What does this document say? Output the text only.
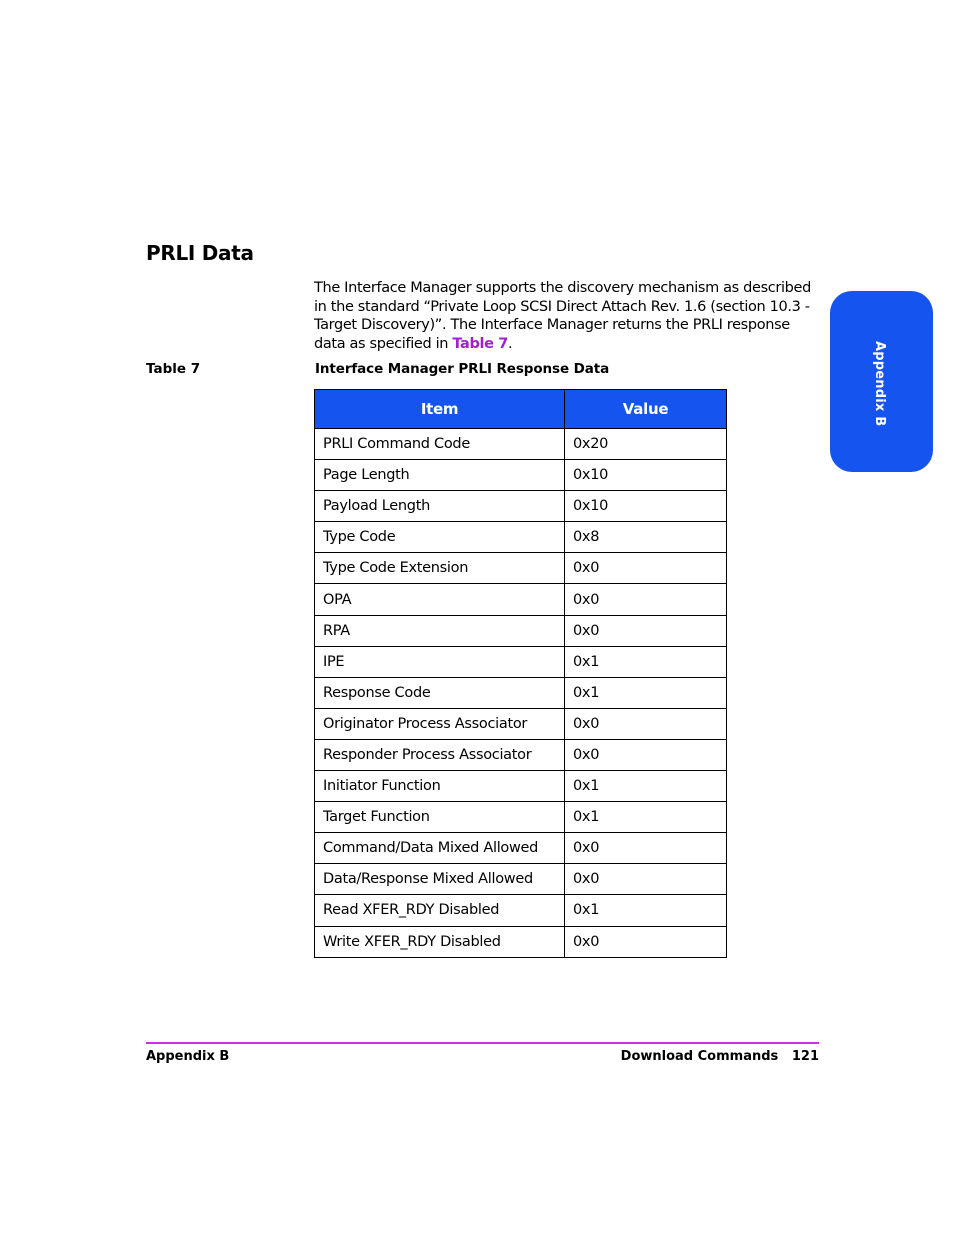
PRLI Data

The Interface Manager supports the discovery mechanism as described in the standard “Private Loop SCSI Direct Attach Rev. 1.6 (section 10.3 - Target Discovery)”. The Interface Manager returns the PRLI response data as specified in Table 7.

Table 7	Interface Manager PRLI Response Data
Item	Value
PRLI Command Code	0x20
Page Length	0x10
Payload Length	0x10
Type Code	0x8
Type Code Extension	0x0
OPA	0x0
RPA	0x0
IPE	0x1
Response Code	0x1
Originator Process Associator	0x0
Responder Process Associator	0x0
Initiator Function	0x1
Target Function	0x1
Command/Data Mixed Allowed	0x0
Data/Response Mixed Allowed	0x0
Read XFER_RDY Disabled	0x1
Write XFER_RDY Disabled	0x0
Appendix B
Appendix B	Download Commands 121
